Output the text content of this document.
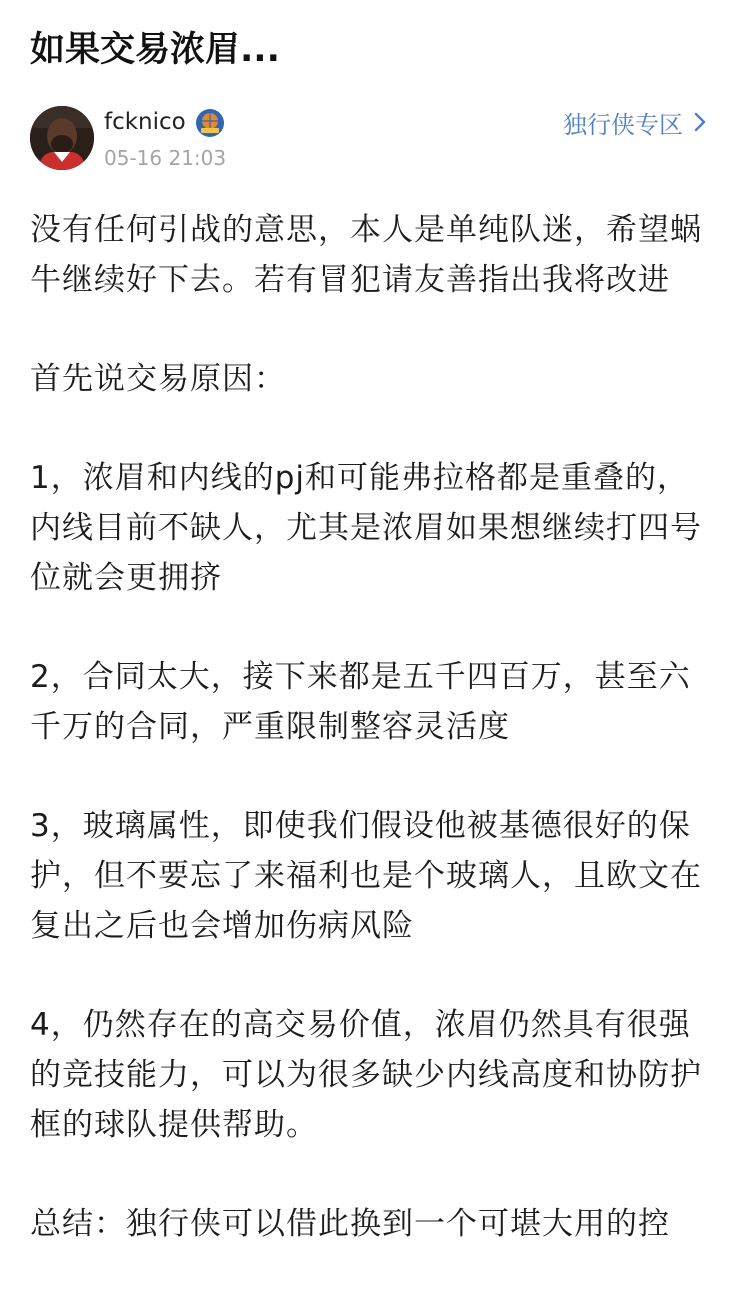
如果交易浓眉...
fcknico
05-16 21:03
独行侠专区

没有任何引战的意思，本人是单纯队迷，希望蜗牛继续好下去。若有冒犯请友善指出我将改进

首先说交易原因：

1，浓眉和内线的pj和可能弗拉格都是重叠的，内线目前不缺人，尤其是浓眉如果想继续打四号位就会更拥挤

2，合同太大，接下来都是五千四百万，甚至六千万的合同，严重限制整容灵活度

3，玻璃属性，即使我们假设他被基德很好的保护，但不要忘了来福利也是个玻璃人，且欧文在复出之后也会增加伤病风险

4，仍然存在的高交易价值，浓眉仍然具有很强的竞技能力，可以为很多缺少内线高度和协防护框的球队提供帮助。

总结：独行侠可以借此换到一个可堪大用的控
